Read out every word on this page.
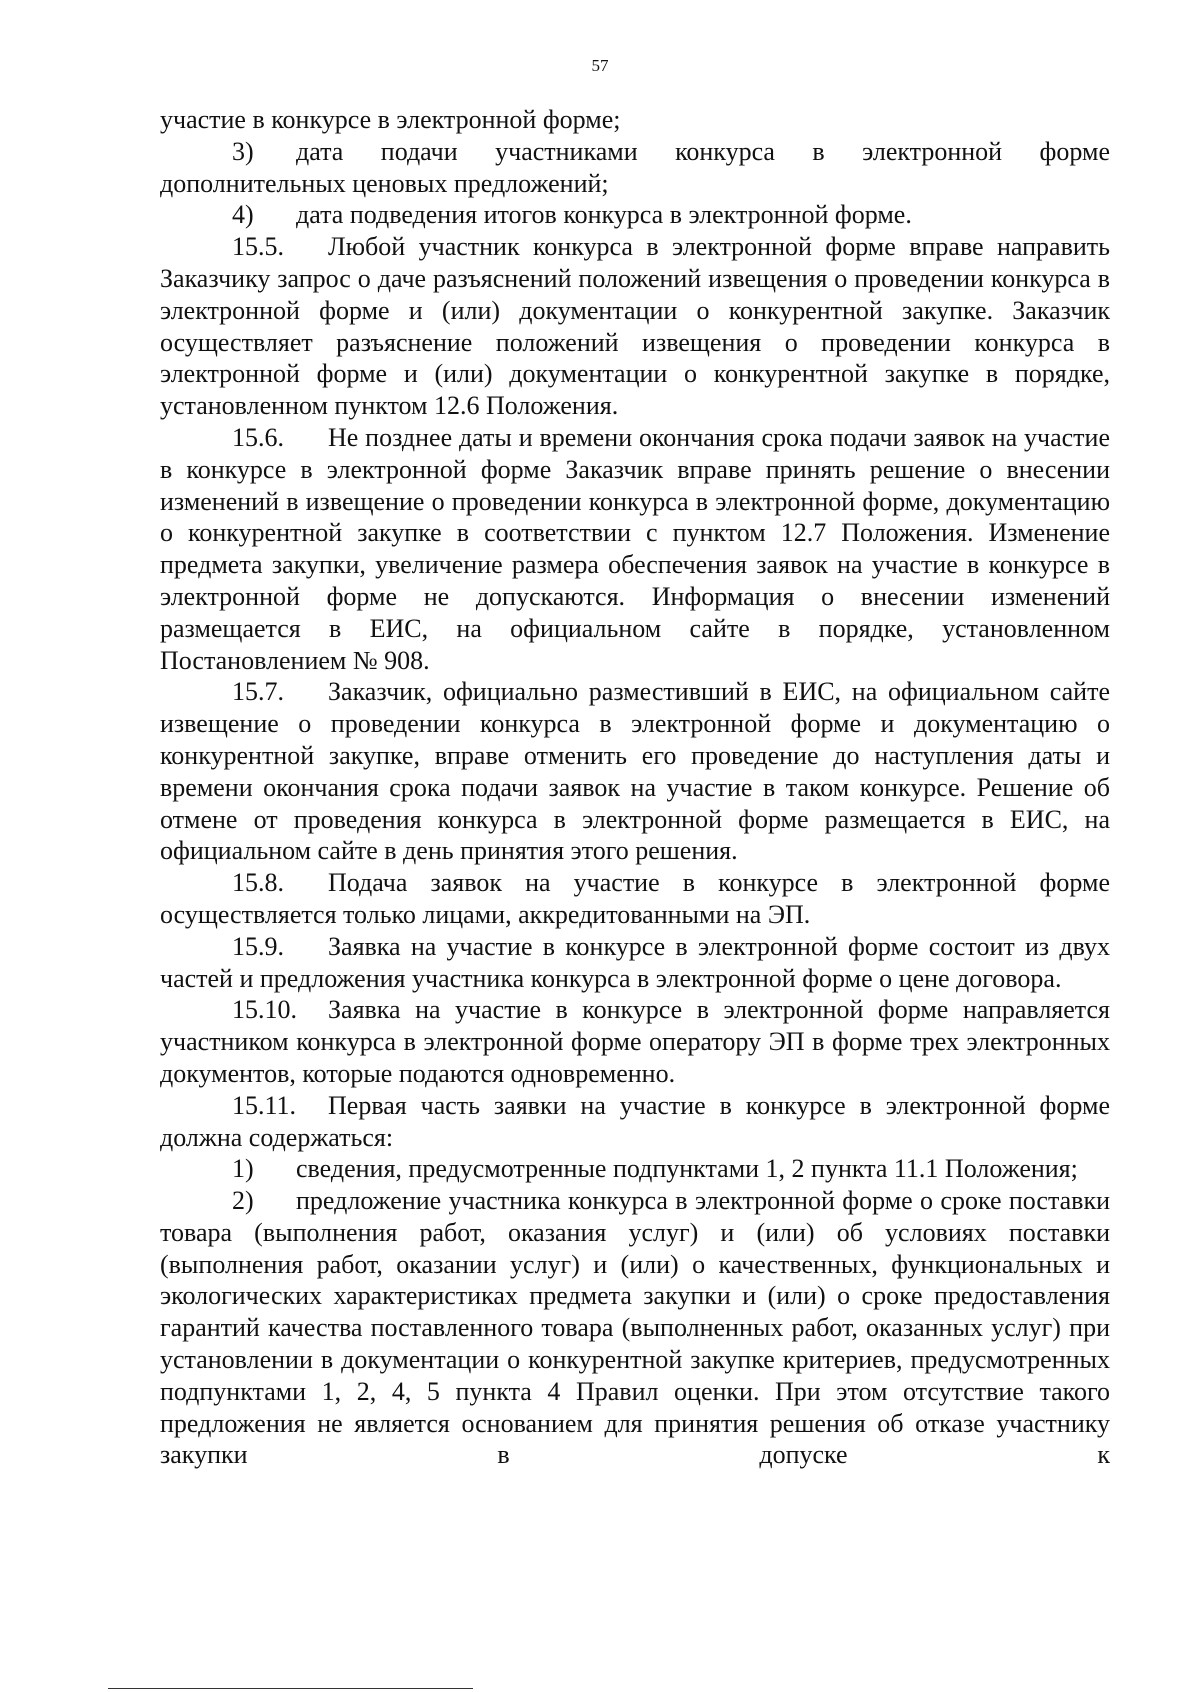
57

участие в конкурсе в электронной форме;

3) дата подачи участниками конкурса в электронной форме дополнительных ценовых предложений;

4) дата подведения итогов конкурса в электронной форме.

15.5. Любой участник конкурса в электронной форме вправе направить Заказчику запрос о даче разъяснений положений извещения о проведении конкурса в электронной форме и (или) документации о конкурентной закупке. Заказчик осуществляет разъяснение положений извещения о проведении конкурса в электронной форме и (или) документации о конкурентной закупке в порядке, установленном пунктом 12.6 Положения.

15.6. Не позднее даты и времени окончания срока подачи заявок на участие в конкурсе в электронной форме Заказчик вправе принять решение о внесении изменений в извещение о проведении конкурса в электронной форме, документацию о конкурентной закупке в соответствии с пунктом 12.7 Положения. Изменение предмета закупки, увеличение размера обеспечения заявок на участие в конкурсе в электронной форме не допускаются. Информация о внесении изменений размещается в ЕИС, на официальном сайте в порядке, установленном Постановлением № 908.

15.7. Заказчик, официально разместивший в ЕИС, на официальном сайте извещение о проведении конкурса в электронной форме и документацию о конкурентной закупке, вправе отменить его проведение до наступления даты и времени окончания срока подачи заявок на участие в таком конкурсе. Решение об отмене от проведения конкурса в электронной форме размещается в ЕИС, на официальном сайте в день принятия этого решения.

15.8. Подача заявок на участие в конкурсе в электронной форме осуществляется только лицами, аккредитованными на ЭП.

15.9. Заявка на участие в конкурсе в электронной форме состоит из двух частей и предложения участника конкурса в электронной форме о цене договора.

15.10. Заявка на участие в конкурсе в электронной форме направляется участником конкурса в электронной форме оператору ЭП в форме трех электронных документов, которые подаются одновременно.

15.11. Первая часть заявки на участие в конкурсе в электронной форме должна содержаться:

1) сведения, предусмотренные подпунктами 1, 2 пункта 11.1 Положения;

2) предложение участника конкурса в электронной форме о сроке поставки товара (выполнения работ, оказания услуг) и (или) об условиях поставки (выполнения работ, оказании услуг) и (или) о качественных, функциональных и экологических характеристиках предмета закупки и (или) о сроке предоставления гарантий качества поставленного товара (выполненных работ, оказанных услуг) при установлении в документации о конкурентной закупке критериев, предусмотренных подпунктами 1, 2, 4, 5 пункта 4 Правил оценки. При этом отсутствие такого предложения не является основанием для принятия решения об отказе участнику закупки в допуске к
